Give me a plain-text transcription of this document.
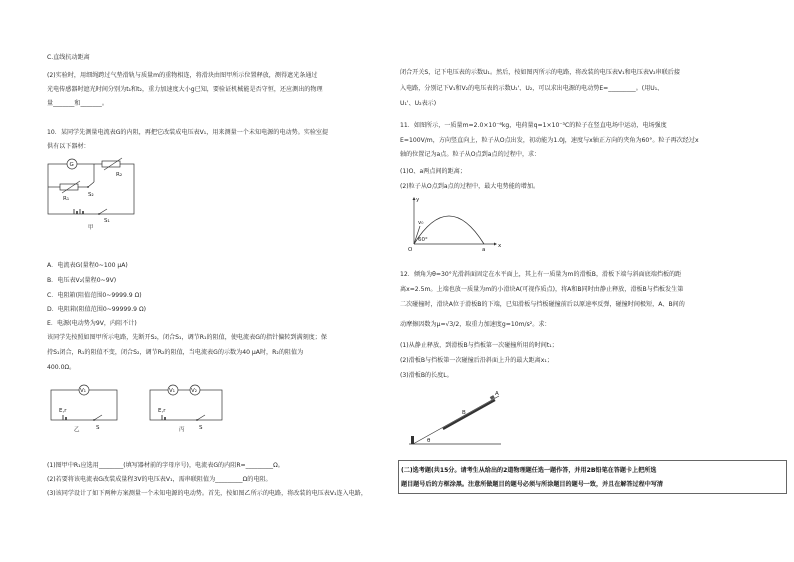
C.直线抗动距离
(2)实验时，用细绳跨过气垫滑轨与质量m的重物相连，将滑块由图甲所示位置释放，测得遮光条通过
光电传感器时遮光时间分别为t₁和t₂，重力加速度大小g已知，要验证机械能是否守恒，还应测出的物理
量_______和_______。
10．某同学先测量电流表G的内阻，再把它改装成电压表V₁，用来测量一个未知电源的电动势。实验室提
供有以下器材：
G
R₂
R₁
S₂
S₁
甲
A．电流表G(量程0~100 μA)
B．电压表V₂(量程0~9V)
C．电阻箱(阻值范围0~9999.9 Ω)
D．电阻箱(阻值范围0~99999.9 Ω)
E．电源(电动势为9V，内阻不计)
该同学先按照如图甲所示电路，先断开S₂，闭合S₁，调节R₁的阻值，使电流表G的指针偏转到满刻度；保
持S₁闭合，R₁的阻值不变，闭合S₂，调节R₂的阻值，当电流表G的示数为40 μA时，R₂的阻值为
400.0Ω。
V₁
E,r
S
乙
V₁	V₂
E,r
S
丙
(1)图甲中R₁应选用________(填写器材前的字母序号)，电流表G的内阻R=_________Ω。
(2)若要将该电流表G改装成量程3V的电压表V₁，需串联阻值为_________Ω的电阻。
(3)该同学设计了如下两种方案测量一个未知电源的电动势。首先，按如图乙所示的电路，将改装的电压表V₁连入电路，
闭合开关S，记下电压表的示数U₁。然后，按如图丙所示的电路，将改装的电压表V₁和电压表V₂串联后接
入电路，分别记下V₁和V₂的电压表的示数U₁'、U₂，可以求出电源的电动势E=_________。(用U₁、
U₁'、U₂表示)
11．如图所示，一质量m=2.0×10⁻⁶kg，电荷量q=1×10⁻³C的粒子在竖直电场中运动，电场强度
E=100V/m，方向竖直向上，粒子从O点出发，初动能为1.0J，速度与x轴正方向的夹角为60°。粒子再次经过x
轴的位置记为a点。粒子从O点到a点的过程中，求：
(1)O、a两点间的距离；
(2)粒子从O点到a点的过程中，最大电势能的增加。
O	a
x
y
v₀
60°
12．倾角为θ=30°光滑斜面固定在水平面上，其上有一质量为m的滑板B，滑板下端与斜面底端挡板的距
离x=2.5m。上端也放一质量为m的小滑块A(可视作质点)，将A和B同时由静止释放，滑板B与挡板发生第
二次碰撞时，滑块A位于滑板B的下端，已知滑板与挡板碰撞前后以原速率反弹，碰撞时间极短，A、B间的
动摩擦因数为μ=√3/2，取重力加速度g=10m/s²。求：
(1)从静止释放，到滑板B与挡板第一次碰撞所用的时间t₁；
(2)滑板B与挡板第一次碰撞后沿斜面上升的最大距离x₁；
(3)滑板B的长度L。
B
A
θ
(二)选考题(共15分。请考生从给出的2道物理题任选一题作答，并用2B铅笔在答题卡上把所选
题目题号后的方框涂黑。注意所做题目的题号必须与所涂题目的题号一致，并且在解答过程中写清
